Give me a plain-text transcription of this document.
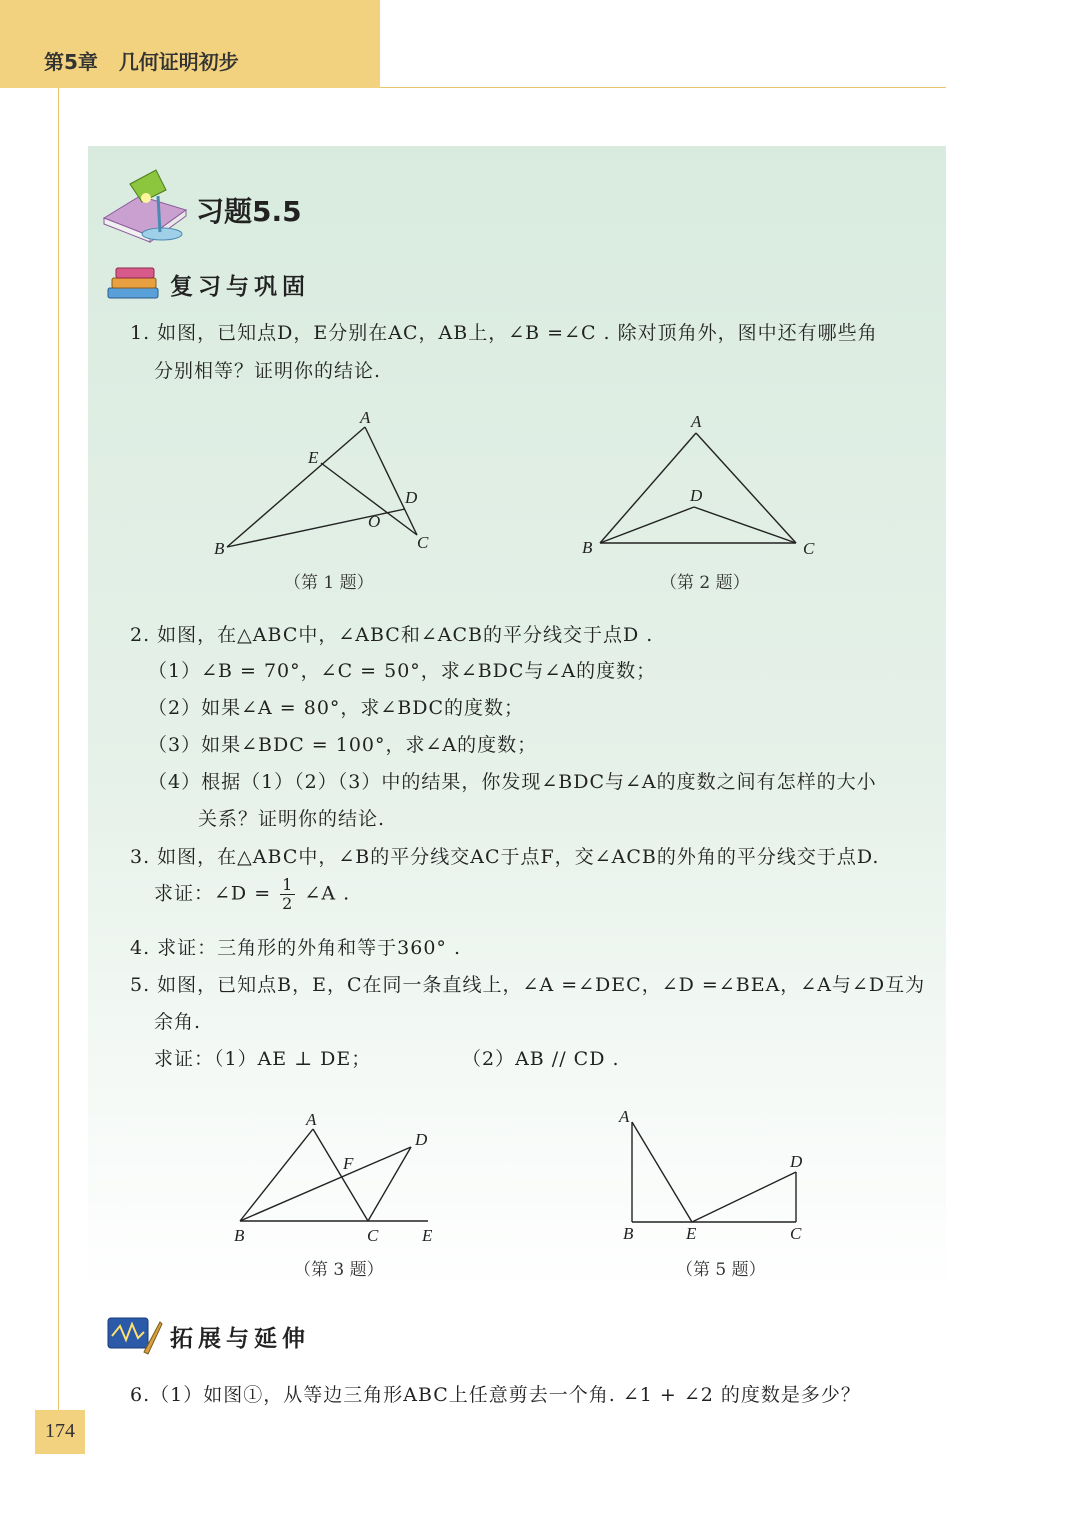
第5章 几何证明初步
174
习题5.5
复习与巩固
1. 如图，已知点D，E分别在AC，AB上，∠B =∠C . 除对顶角外，图中还有哪些角
分别相等？证明你的结论.
A
E
D
O
C
B
（第 1 题）
A
D
B	C
（第 2 题）
2. 如图，在△ABC中，∠ABC和∠ACB的平分线交于点D .
（1）∠B = 70°，∠C = 50°，求∠BDC与∠A的度数；
（2）如果∠A = 80°，求∠BDC的度数；
（3）如果∠BDC = 100°，求∠A的度数；
（4）根据（1）（2）（3）中的结果，你发现∠BDC与∠A的度数之间有怎样的大小
关系？证明你的结论.
3. 如图，在△ABC中，∠B的平分线交AC于点F，交∠ACB的外角的平分线交于点D.
求证：∠D = $\frac{1}{2}$ ∠A .
4. 求证：三角形的外角和等于360° .
5. 如图，已知点B，E，C在同一条直线上，∠A =∠DEC，∠D =∠BEA，∠A与∠D互为
余角.
求证：（1）AE ⊥ DE；	（2）AB // CD .
A
D
F
B	C	E
（第 3 题）
A
D
B	E	C
（第 5 题）
拓展与延伸
6.（1）如图①，从等边三角形ABC上任意剪去一个角. ∠1 + ∠2 的度数是多少？
